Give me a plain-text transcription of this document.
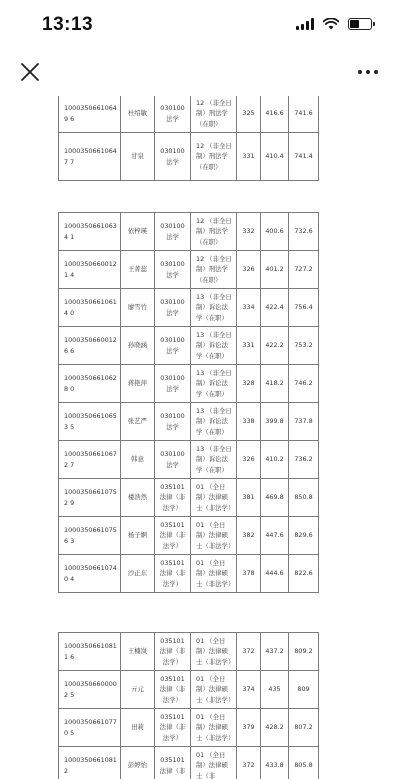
13:13
10003506610649 6	杜绍敏	030100 法学	12 （非全日制）刑法学（在职）	325	416.6	741.6
10003506610647 7	甘泉	030100 法学	12 （非全日制）刑法学（在职）	331	410.4	741.4
10003506610634 1	依梓瑛	030100 法学	12 （非全日制）刑法学（在职）	332	400.6	732.6
10003506600121 4	王菁蕊	030100 法学	12 （非全日制）刑法学（在职）	326	401.2	727.2
10003506610614 0	廖雪竹	030100 法学	13 （非全日制）诉讼法学（在职）	334	422.4	756.4
10003506600126 6	孙晓涵	030100 法学	13 （非全日制）诉讼法学（在职）	331	422.2	753.2
10003506610628 0	蒋艳萍	030100 法学	13 （非全日制）诉讼法学（在职）	328	418.2	746.2
10003506610653 5	张艺严	030100 法学	13 （非全日制）诉讼法学（在职）	338	399.8	737.8
10003506610672 7	韩意	030100 法学	13 （非全日制）诉讼法学（在职）	326	410.2	736.2
10003506610752 9	楼浩然	035101 法律（非法学）	01 （全日制）法律硕士（非法学）	381	469.8	850.8
10003506610756 3	杨子婀	035101 法律（非法学）	01 （全日制）法律硕士（非法学）	382	447.6	829.6
10003506610740 4	沙正东	035101 法律（非法学）	01 （全日制）法律硕士（非法学）	378	444.6	822.6
10003506610811 6	王楠岚	035101 法律（非法学）	01 （全日制）法律硕士（非法学）	372	437.2	809.2
10003506600002 5	亓元	035101 法律（非法学）	01 （全日制）法律硕士（非法学）	374	435	809
10003506610770 5	田莉	035101 法律（非法学）	01 （全日制）法律硕士（非法学）	379	428.2	807.2
10003506610812	彭婷怡	035101 法律（非	01 （全日制）法律硕士（非	372	433.8	805.8
